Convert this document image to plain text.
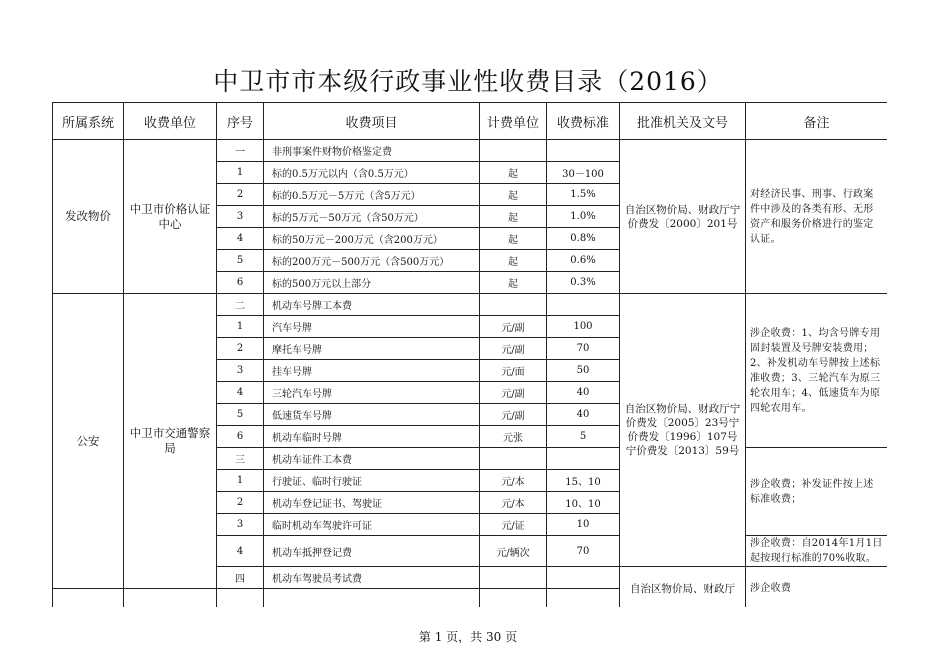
中卫市市本级行政事业性收费目录（2016）
所属系统	收费单位	序号	收费项目	计费单位	收费标准	批准机关及文号	备注
发改物价	中卫市价格认证中心	一	非刑事案件财物价格鉴定费			自治区物价局、财政厅宁价费发〔2000〕201号	对经济民事、刑事、行政案件中涉及的各类有形、无形资产和服务价格进行的鉴定认证。
		1	标的0.5万元以内（含0.5万元）	起	30－100		
		2	标的0.5万元－5万元（含5万元）	起	1.5%		
		3	标的5万元－50万元（含50万元）	起	1.0%		
		4	标的50万元－200万元（含200万元）	起	0.8%		
		5	标的200万元－500万元（含500万元）	起	0.6%		
		6	标的500万元以上部分	起	0.3%		
公安	中卫市交通警察局	二	机动车号牌工本费			自治区物价局、财政厅宁价费发〔2005〕23号宁价费发〔1996〕107号宁价费发〔2013〕59号	涉企收费：1、均含号牌专用固封装置及号牌安装费用；2、补发机动车号牌按上述标准收费；3、三轮汽车为原三轮农用车；4、低速货车为原四轮农用车。
		1	汽车号牌	元/副	100		
		2	摩托车号牌	元/副	70		
		3	挂车号牌	元/面	50		
		4	三轮汽车号牌	元/副	40		
		5	低速货车号牌	元/副	40		
		6	机动车临时号牌	元张	5		
		三	机动车证件工本费				涉企收费；补发证件按上述标准收费；
		1	行驶证、临时行驶证	元/本	15、10		
		2	机动车登记证书、驾驶证	元/本	10、10		
		3	临时机动车驾驶许可证	元/证	10		
		4	机动车抵押登记费	元/辆次	70		涉企收费：自2014年1月1日起按现行标准的70%收取。
		四	机动车驾驶员考试费			自治区物价局、财政厅	涉企收费

第 1 页，共 30 页
